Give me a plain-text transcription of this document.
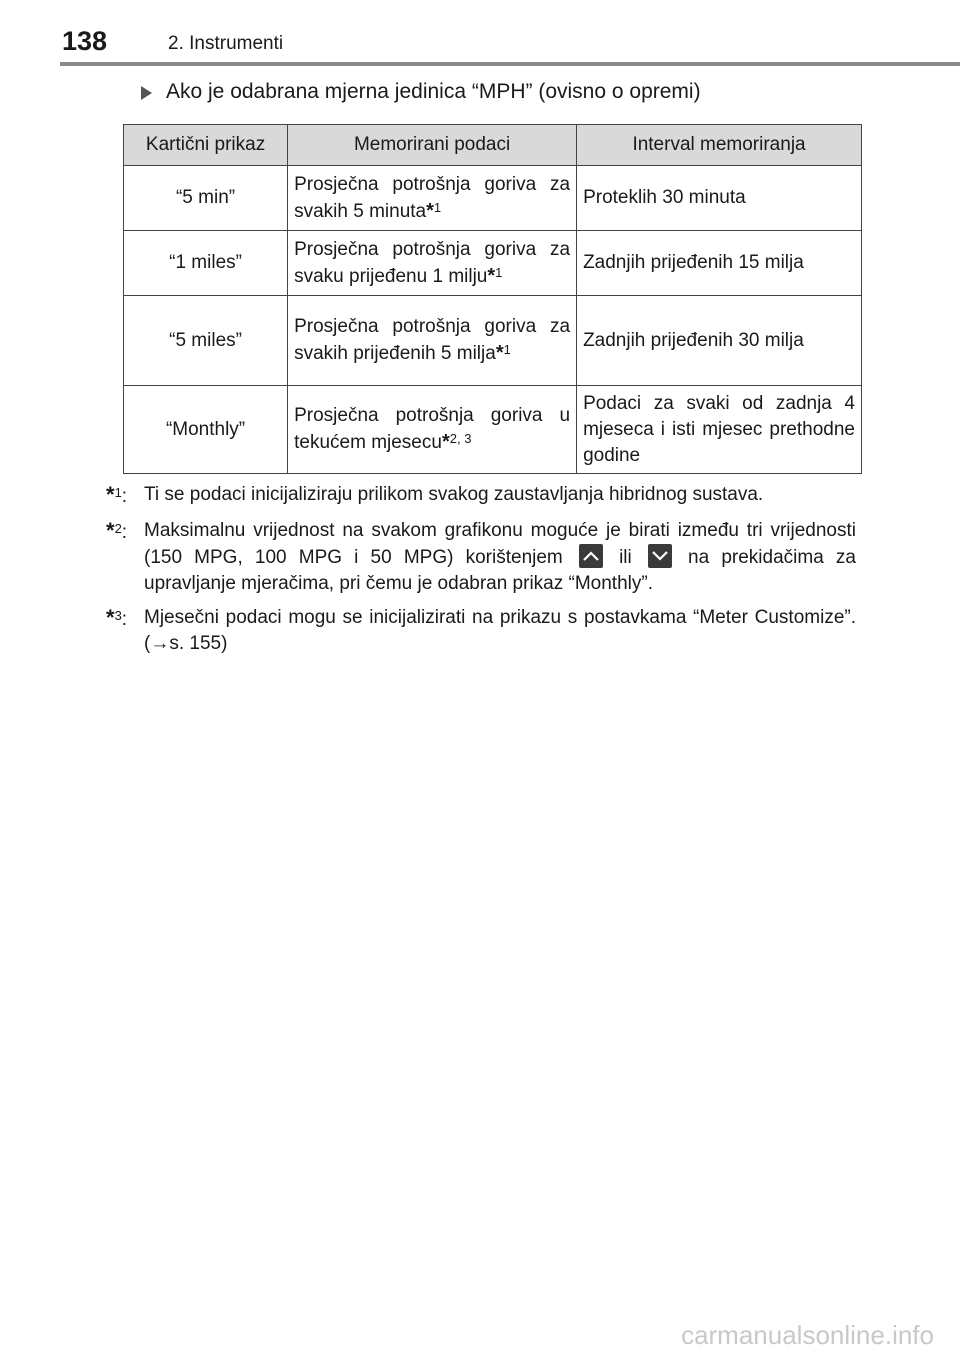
138	2. Instrumenti
Ako je odabrana mjerna jedinica “MPH” (ovisno o opremi)
Kartični prikaz	Memorirani podaci	Interval memoriranja
“5 min”	Prosječna potrošnja goriva za svakih 5 minuta*$^1$	Proteklih 30 minuta
“1 miles”	Prosječna potrošnja goriva za svaku prijeđenu 1 milju*$^1$	Zadnjih prijeđenih 15 milja
“5 miles”	Prosječna potrošnja goriva za svakih prijeđenih 5 milja*$^1$	Zadnjih prijeđenih 30 milja
“Monthly”	Prosječna potrošnja goriva u tekućem mjesecu*$^{2, 3}$	Podaci za svaki od zadnja 4 mjeseca i isti mjesec prethodne godine
*$^1$: Ti se podaci inicijaliziraju prilikom svakog zaustavljanja hibridnog sustava.
*$^2$: Maksimalnu vrijednost na svakom grafikonu moguće je birati između tri vrijednosti (150 MPG, 100 MPG i 50 MPG) korištenjem	ili	na prekidačima za upravljanje mjeračima, pri čemu je odabran prikaz “Monthly”.
*$^3$: Mjesečni podaci mogu se inicijalizirati na prikazu s postavkama “Meter Customize”. (→s. 155)
carmanualsonline.info
